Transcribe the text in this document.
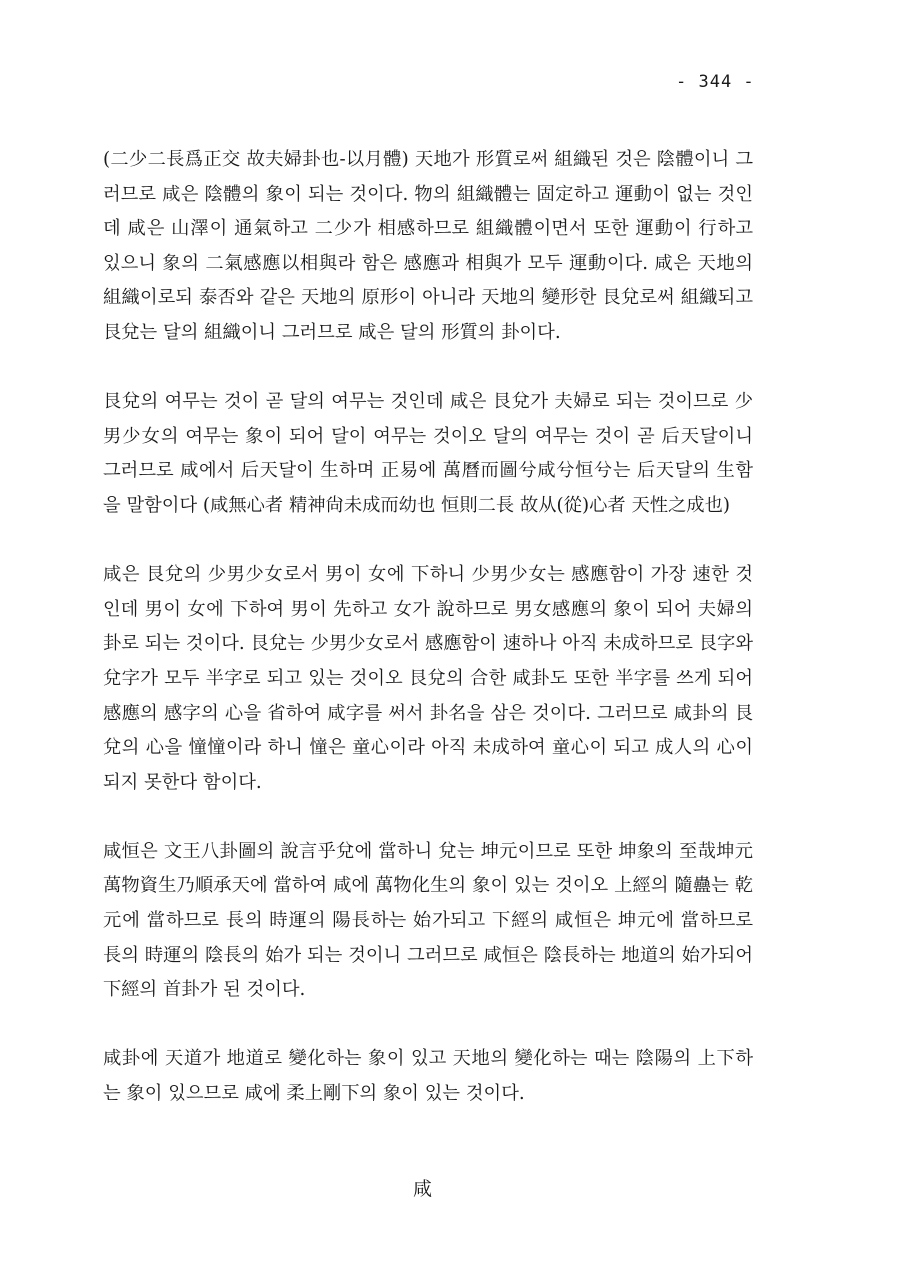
- 344 -

(二少二長爲正交 故夫婦卦也-以月體) 天地가 形質로써 組織된 것은 陰體이니 그러므로 咸은 陰體의 象이 되는 것이다. 物의 組織體는 固定하고 運動이 없는 것인데 咸은 山澤이 通氣하고 二少가 相感하므로 組織體이면서 또한 運動이 行하고 있으니 象의 二氣感應以相與라 함은 感應과 相與가 모두 運動이다. 咸은 天地의 組織이로되 泰否와 같은 天地의 原形이 아니라 天地의 變形한 艮兌로써 組織되고 艮兌는 달의 組織이니 그러므로 咸은 달의 形質의 卦이다.

艮兌의 여무는 것이 곧 달의 여무는 것인데 咸은 艮兌가 夫婦로 되는 것이므로 少男少女의 여무는 象이 되어 달이 여무는 것이오 달의 여무는 것이 곧 后天달이니 그러므로 咸에서 后天달이 生하며 正易에 萬曆而圖兮咸兮恒兮는 后天달의 生함을 말함이다 (咸無心者 精神尙未成而幼也 恒則二長 故从(從)心者 天性之成也)

咸은 艮兌의 少男少女로서 男이 女에 下하니 少男少女는 感應함이 가장 速한 것인데 男이 女에 下하여 男이 先하고 女가 說하므로 男女感應의 象이 되어 夫婦의 卦로 되는 것이다. 艮兌는 少男少女로서 感應함이 速하나 아직 未成하므로 艮字와 兌字가 모두 半字로 되고 있는 것이오 艮兌의 合한 咸卦도 또한 半字를 쓰게 되어 感應의 感字의 心을 省하여 咸字를 써서 卦名을 삼은 것이다. 그러므로 咸卦의 艮兌의 心을 憧憧이라 하니 憧은 童心이라 아직 未成하여 童心이 되고 成人의 心이 되지 못한다 함이다.

咸恒은 文王八卦圖의 說言乎兌에 當하니 兌는 坤元이므로 또한 坤象의 至哉坤元 萬物資生乃順承天에 當하여 咸에 萬物化生의 象이 있는 것이오 上經의 隨蠱는 乾元에 當하므로 長의 時運의 陽長하는 始가되고 下經의 咸恒은 坤元에 當하므로 長의 時運의 陰長의 始가 되는 것이니 그러므로 咸恒은 陰長하는 地道의 始가되어 下經의 首卦가 된 것이다.

咸卦에 天道가 地道로 變化하는 象이 있고 天地의 變化하는 때는 陰陽의 上下하는 象이 있으므로 咸에 柔上剛下의 象이 있는 것이다.

咸
